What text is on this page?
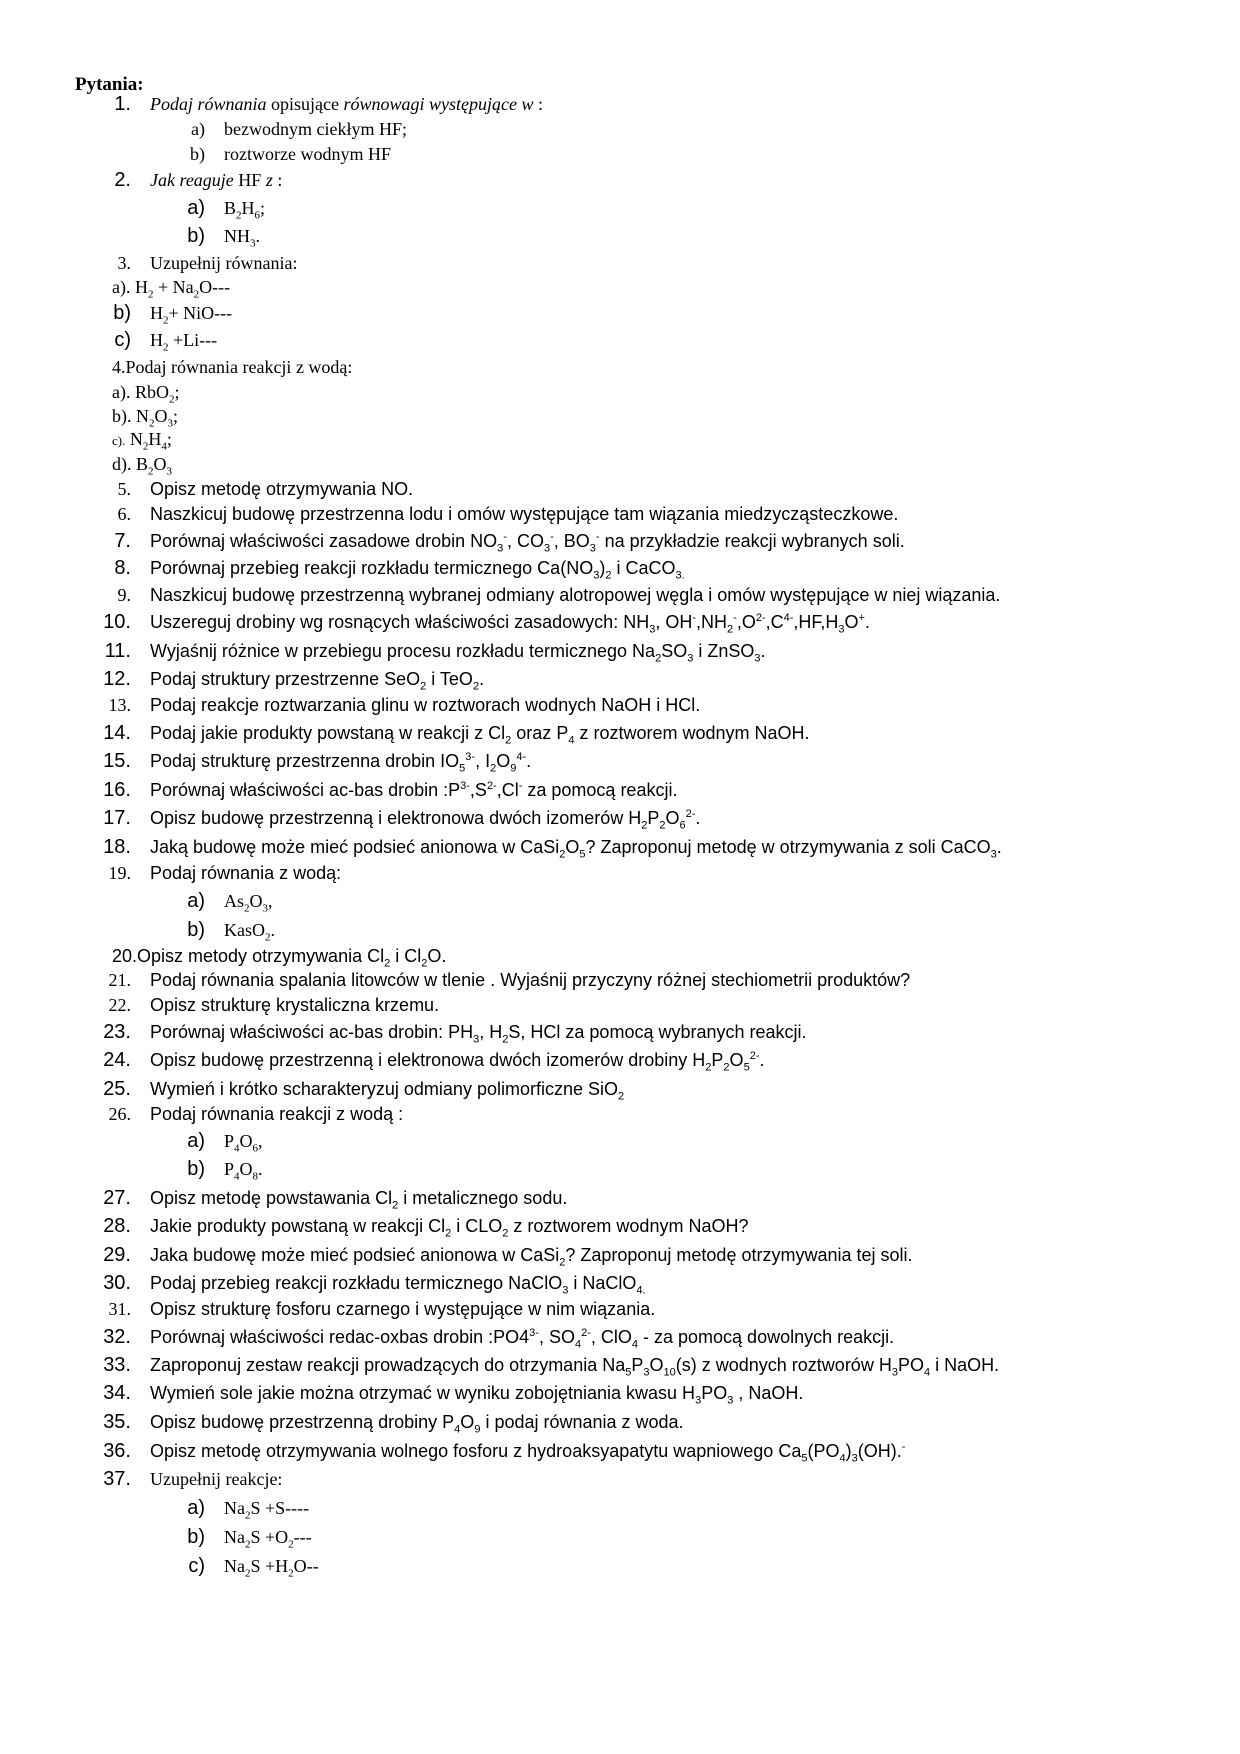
Pytania:
1. Podaj równania opisujące równowagi występujące w :
a) bezwodnym ciekłym HF;
b) roztworze wodnym HF
2. Jak reaguje HF z :
a) $B_2H_6$;
b) $NH_3$.
3. Uzupełnij równania:
a). $H_2 + Na_2O---$
b) $H_2+ NiO---$
c) $H_2 +Li---$
4.Podaj równania reakcji z wodą:
a). RbO$_2$;
b). $N_2O_3$;
c). $N_2H_4$;
d). $B_2O_3$
5. Opisz metodę otrzymywania NO.
6. Naszkicuj budowę przestrzenna lodu i omów występujące tam wiązania miedzycząsteczkowe.
7. Porównaj właściwości zasadowe drobin $NO_3^-$, $CO_3^-$, $BO_3^-$ na przykładzie reakcji wybranych soli.
8. Porównaj przebieg reakcji rozkładu termicznego $Ca(NO_3)_2$ i CaCO$_{3.}$
9. Naszkicuj budowę przestrzenną wybranej odmiany alotropowej węgla i omów występujące w niej wiązania.
10. Uszereguj drobiny wg rosnących właściwości zasadowych: $NH_3$, $OH^-,NH_2^-,O^{2-},C^{4-},HF,H_3O^+$.
11. Wyjaśnij różnice w przebiegu procesu rozkładu termicznego $Na_2SO_3$ i ZnSO$_3$.
12. Podaj struktury przestrzenne SeO$_2$ i TeO$_2$.
13. Podaj reakcje roztwarzania glinu w roztworach wodnych NaOH i HCl.
14. Podaj jakie produkty powstaną w reakcji z $Cl_2$ oraz $P_4$ z roztworem wodnym NaOH.
15. Podaj strukturę przestrzenna drobin $IO_5^{3-}$, $I_2O_9^{4-}$.
16. Porównaj właściwości ac-bas drobin $:P^{3-},S^{2-},Cl^-$ za pomocą reakcji.
17. Opisz budowę przestrzenną i elektronowa dwóch izomerów $H_2P_2O_6^{2-}$.
18. Jaką budowę może mieć podsieć anionowa w $CaSi_2O_5$? Zaproponuj metodę w otrzymywania z soli CaCO$_3$.
19. Podaj równania z wodą:
a) $As_2O_3$,
b) KasO$_2$.
20.Opisz metody otrzymywania $Cl_2$ i $Cl_2O$.
21. Podaj równania spalania litowców w tlenie . Wyjaśnij przyczyny różnej stechiometrii produktów?
22. Opisz strukturę krystaliczna krzemu.
23. Porównaj właściwości ac-bas drobin: $PH_3$, $H_2S$, HCl za pomocą wybranych reakcji.
24. Opisz budowę przestrzenną i elektronowa dwóch izomerów drobiny $H_2P_2O_5^{2-}$.
25. Wymień i krótko scharakteryzuj odmiany polimorficzne SiO$_2$
26. Podaj równania reakcji z wodą :
a) $P_4O_6$,
b) $P_4O_8$.
27. Opisz metodę powstawania $Cl_2$ i metalicznego sodu.
28. Jakie produkty powstaną w reakcji $Cl_2$ i $CLO_2$ z roztworem wodnym NaOH?
29. Jaka budowę może mieć podsieć anionowa w CaSi$_2$? Zaproponuj metodę otrzymywania tej soli.
30. Podaj przebieg reakcji rozkładu termicznego NaClO$_3$ i NaClO$_{4.}$
31. Opisz strukturę fosforu czarnego i występujące w nim wiązania.
32. Porównaj właściwości redac-oxbas drobin $:PO4^{3-}$, $SO_4^{2-}$, ClO$_4$ - za pomocą dowolnych reakcji.
33. Zaproponuj zestaw reakcji prowadzących do otrzymania $Na_5P_3O_{10}(s)$ z wodnych roztworów $H_3PO_4$ i NaOH.
34. Wymień sole jakie można otrzymać w wyniku zobojętniania kwasu $H_3PO_3$ , NaOH.
35. Opisz budowę przestrzenną drobiny $P_4O_9$ i podaj równania z woda.
36. Opisz metodę otrzymywania wolnego fosforu z hydroaksyapatytu wapniowego $Ca_5(PO_4)_3(OH).^-$
37. Uzupełnij reakcje:
a) $Na_2S +S----$
b) $Na_2S +O_2---$
c) $Na_2S +H_2O--$
